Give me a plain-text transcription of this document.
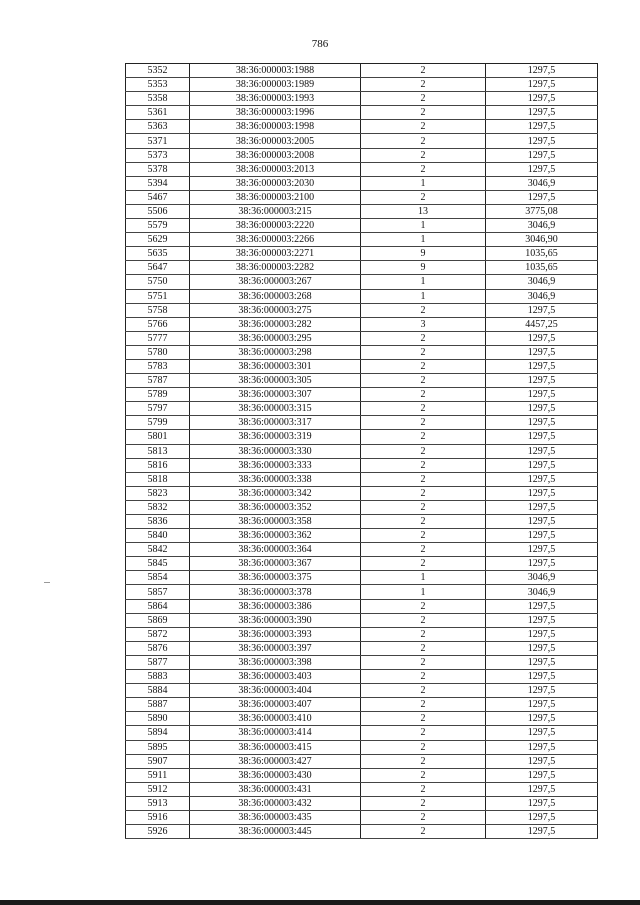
786
5352	38:36:000003:1988	2	1297,5
5353	38:36:000003:1989	2	1297,5
5358	38:36:000003:1993	2	1297,5
5361	38:36:000003:1996	2	1297,5
5363	38:36:000003:1998	2	1297,5
5371	38:36:000003:2005	2	1297,5
5373	38:36:000003:2008	2	1297,5
5378	38:36:000003:2013	2	1297,5
5394	38:36:000003:2030	1	3046,9
5467	38:36:000003:2100	2	1297,5
5506	38:36:000003:215	13	3775,08
5579	38:36:000003:2220	1	3046,9
5629	38:36:000003:2266	1	3046,90
5635	38:36:000003:2271	9	1035,65
5647	38:36:000003:2282	9	1035,65
5750	38:36:000003:267	1	3046,9
5751	38:36:000003:268	1	3046,9
5758	38:36:000003:275	2	1297,5
5766	38:36:000003:282	3	4457,25
5777	38:36:000003:295	2	1297,5
5780	38:36:000003:298	2	1297,5
5783	38:36:000003:301	2	1297,5
5787	38:36:000003:305	2	1297,5
5789	38:36:000003:307	2	1297,5
5797	38:36:000003:315	2	1297,5
5799	38:36:000003:317	2	1297,5
5801	38:36:000003:319	2	1297,5
5813	38:36:000003:330	2	1297,5
5816	38:36:000003:333	2	1297,5
5818	38:36:000003:338	2	1297,5
5823	38:36:000003:342	2	1297,5
5832	38:36:000003:352	2	1297,5
5836	38:36:000003:358	2	1297,5
5840	38:36:000003:362	2	1297,5
5842	38:36:000003:364	2	1297,5
5845	38:36:000003:367	2	1297,5
5854	38:36:000003:375	1	3046,9
5857	38:36:000003:378	1	3046,9
5864	38:36:000003:386	2	1297,5
5869	38:36:000003:390	2	1297,5
5872	38:36:000003:393	2	1297,5
5876	38:36:000003:397	2	1297,5
5877	38:36:000003:398	2	1297,5
5883	38:36:000003:403	2	1297,5
5884	38:36:000003:404	2	1297,5
5887	38:36:000003:407	2	1297,5
5890	38:36:000003:410	2	1297,5
5894	38:36:000003:414	2	1297,5
5895	38:36:000003:415	2	1297,5
5907	38:36:000003:427	2	1297,5
5911	38:36:000003:430	2	1297,5
5912	38:36:000003:431	2	1297,5
5913	38:36:000003:432	2	1297,5
5916	38:36:000003:435	2	1297,5
5926	38:36:000003:445	2	1297,5
